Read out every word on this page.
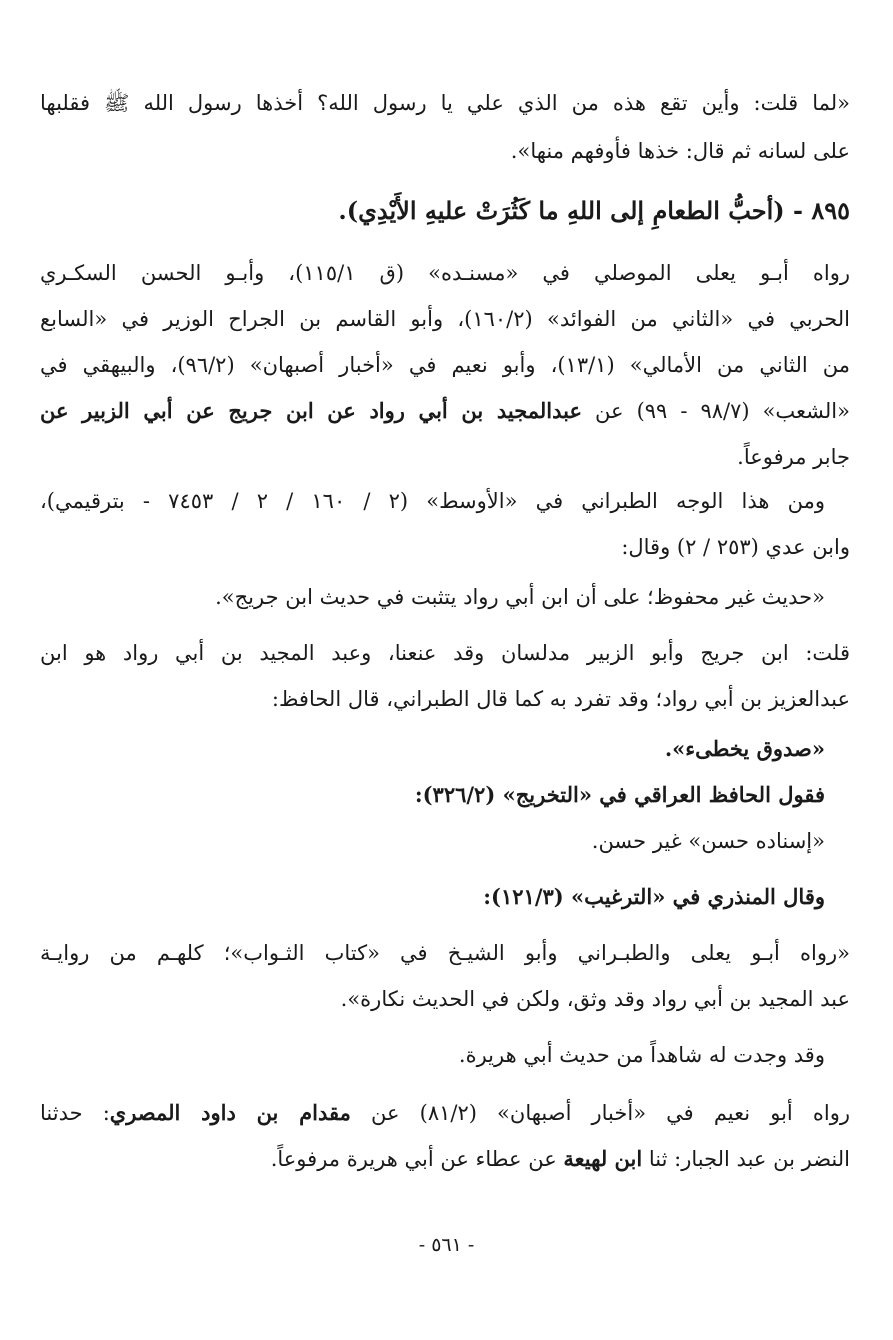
«لما قلت: وأين تقع هذه من الذي علي يا رسول الله؟ أخذها رسول الله ﷺ فقلبها

على لسانه ثم قال: خذها فأوفهم منها».

٨٩٥ - (أحبُّ الطعامِ إلى اللهِ ما كَثُرَتْ عليهِ الأَيْدِي).

رواه أبـو يعلى الموصلي في «مسنـده» (ق ١١٥/١)، وأبـو الحسن السكـري

الحربي في «الثاني من الفوائد» (١٦٠/٢)، وأبو القاسم بن الجراح الوزير في «السابع

من الثاني من الأمالي» (١٣/١)، وأبو نعيم في «أخبار أصبهان» (٩٦/٢)، والبيهقي في

«الشعب» (٩٨/٧ - ٩٩) عن عبدالمجيد بن أبي رواد عن ابن جريج عن أبي الزبير عن

جابر مرفوعاً.

ومن هذا الوجه الطبراني في «الأوسط» (٢ / ١٦٠ / ٢ / ٧٤٥٣ - بترقيمي)،

وابن عدي (٢٥٣ / ٢) وقال:

«حديث غير محفوظ؛ على أن ابن أبي رواد يتثبت في حديث ابن جريج».

قلت: ابن جريج وأبو الزبير مدلسان وقد عنعنا، وعبد المجيد بن أبي رواد هو ابن

عبدالعزيز بن أبي رواد؛ وقد تفرد به كما قال الطبراني، قال الحافظ:

«صدوق يخطىء».

فقول الحافظ العراقي في «التخريج» (٣٢٦/٢):

«إسناده حسن» غير حسن.

وقال المنذري في «الترغيب» (١٢١/٣):

«رواه أبـو يعلى والطبـراني وأبو الشيـخ في «كتاب الثـواب»؛ كلهـم من روايـة

عبد المجيد بن أبي رواد وقد وثق، ولكن في الحديث نكارة».

وقد وجدت له شاهداً من حديث أبي هريرة.

رواه أبو نعيم في «أخبار أصبهان» (٨١/٢) عن مقدام بن داود المصري: حدثنا

النضر بن عبد الجبار: ثنا ابن لهيعة عن عطاء عن أبي هريرة مرفوعاً.

- ٥٦١ -
